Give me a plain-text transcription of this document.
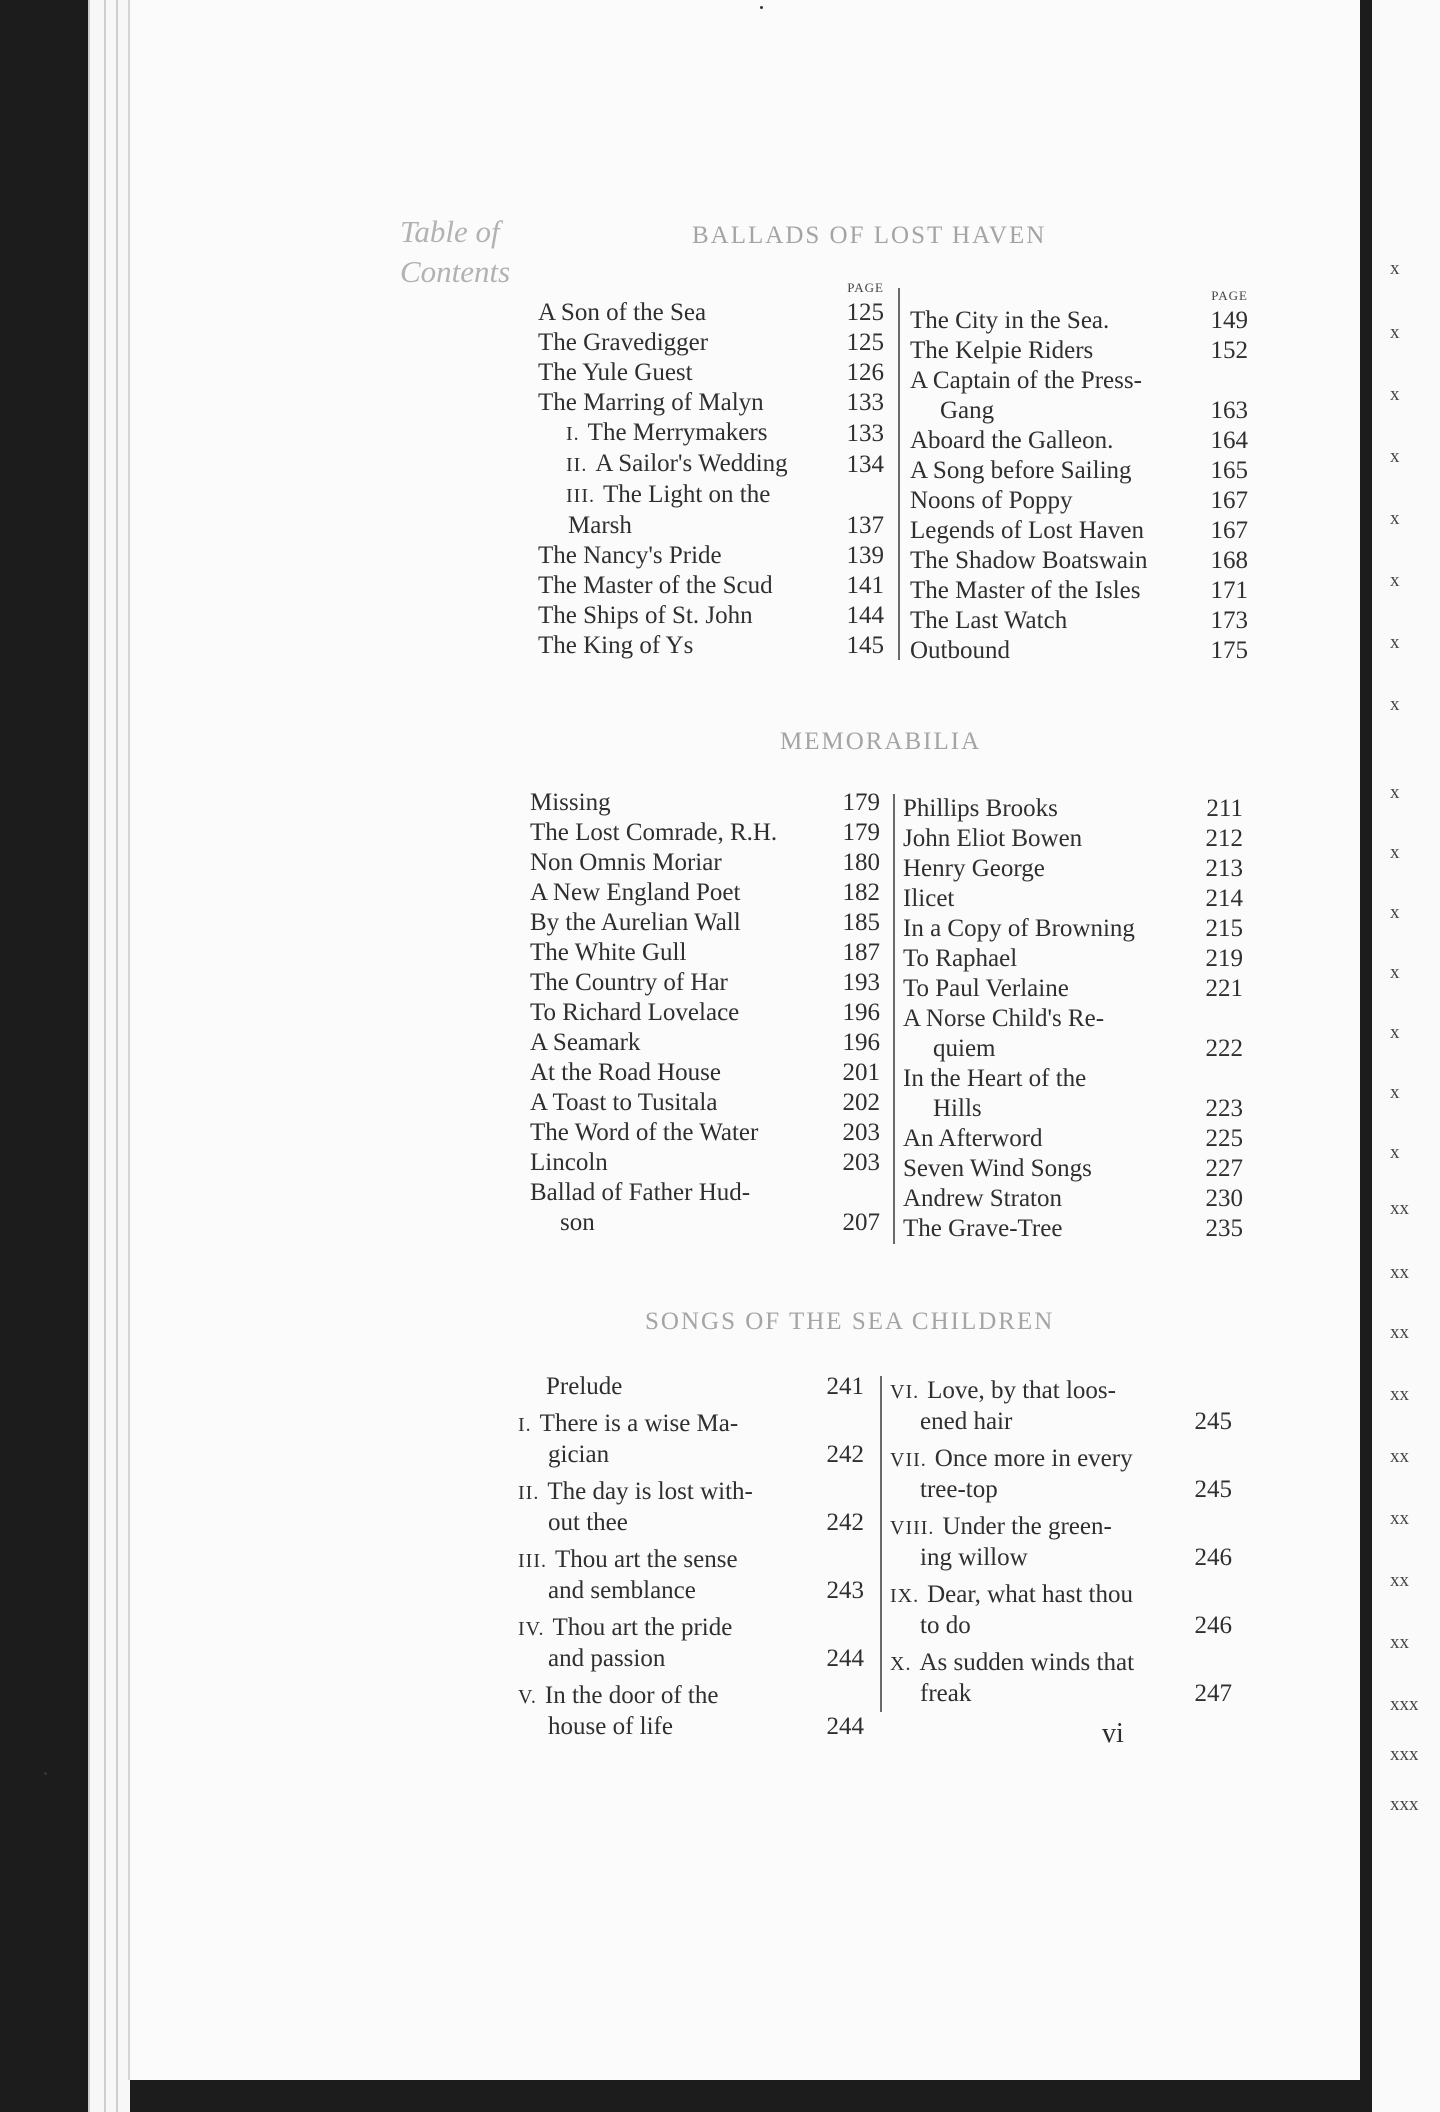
x
x
x
x
x
x
x
x
x
x
x
x
x
x
x
xx
xx
xx
xx
xx
xx
xx
xx
xxx
xxx
xxx
Table of
Contents
BALLADS OF LOST HAVEN
MEMORABILIA
SONGS OF THE SEA CHILDREN
PAGE
A Son of the Sea	125
The Gravedigger	125
The Yule Guest	126
The Marring of Malyn	133
I. The Merrymakers	133
II. A Sailor's Wedding	134
III. The Light on the
Marsh	137
The Nancy's Pride	139
The Master of the Scud	141
The Ships of St. John	144
The King of Ys	145
PAGE
The City in the Sea.	149
The Kelpie Riders	152
A Captain of the Press-
Gang	163
Aboard the Galleon.	164
A Song before Sailing	165
Noons of Poppy	167
Legends of Lost Haven	167
The Shadow Boatswain	168
The Master of the Isles	171
The Last Watch	173
Outbound	175
Missing	179
The Lost Comrade, R.H.	179
Non Omnis Moriar	180
A New England Poet	182
By the Aurelian Wall	185
The White Gull	187
The Country of Har	193
To Richard Lovelace	196
A Seamark	196
At the Road House	201
A Toast to Tusitala	202
The Word of the Water	203
Lincoln	203
Ballad of Father Hud-
son	207
Phillips Brooks	211
John Eliot Bowen	212
Henry George	213
Ilicet	214
In a Copy of Browning	215
To Raphael	219
To Paul Verlaine	221
A Norse Child's Re-
quiem	222
In the Heart of the
Hills	223
An Afterword	225
Seven Wind Songs	227
Andrew Straton	230
The Grave-Tree	235
Prelude	241
I. There is a wise Ma-
gician	242
II. The day is lost with-
out thee	242
III. Thou art the sense
and semblance	243
IV. Thou art the pride
and passion	244
V. In the door of the
house of life	244
VI. Love, by that loos-
ened hair	245
VII. Once more in every
tree-top	245
VIII. Under the green-
ing willow	246
IX. Dear, what hast thou
to do	246
X. As sudden winds that
freak	247

vi
